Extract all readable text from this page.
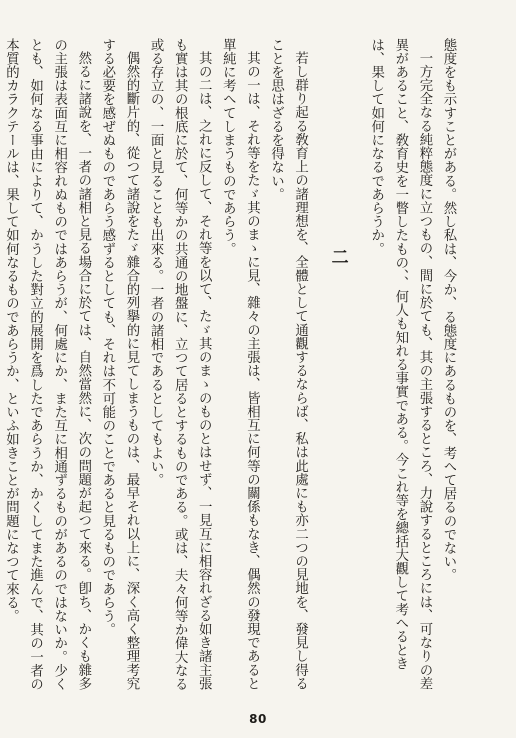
態度をも示すことがある。然し私は、今か、る態度にあるものを、考へて居るのでない。

一方完全なる純粹態度に立つもの、間に於ても、其の主張するところ、力說するところには、可なりの差異があること、敎育史を一瞥したもの、、何人も知れる事實である。今これ等を總括大觀して考へるときは、果して如何になるであらうか。

二

若し群り起る敎育上の諸理想を、全體として通觀するならば、私は此處にも亦二つの見地を、發見し得ることを思はざるを得ない。

其の一は、それ等をたゞ其のまゝに見、雜々の主張は、皆相互に何等の關係もなき、偶然の發現であると單純に考へてしまうものであらう。

其の二は、之れに反して、それ等を以て、たゞ其のまゝのものとはせず、一見互に相容れざる如き諸主張も實は其の根底に於て、何等かの共通の地盤に、立つて居るとするものである。或は、夫々何等か偉大なる或る存立の、一面と見ることも出來る。一者の諸相であるとしてもよい。

偶然的斷片的、從つて諸說をたゞ雜合的列擧的に見てしまうものは、最早それ以上に、深く高く整理考究する必要を感ぜぬものであらう感ずるとしても、それは不可能のことであると見るものであらう。

然るに諸說を、一者の諸相と見る場合に於ては、自然當然に、次の問題が起つて來る。卽ち、かくも雜多の主張は表面互に相容れぬものではあらうが、何處にか、また互に相通ずるものがあるのではないか。少くとも、如何なる事由によりて、かうした對立的展開を爲したであらうか、かくしてまた進んで、其の一者の本質的カラクテールは、果して如何なるものであらうか、といふ如きことが問題になつて來る。

80
